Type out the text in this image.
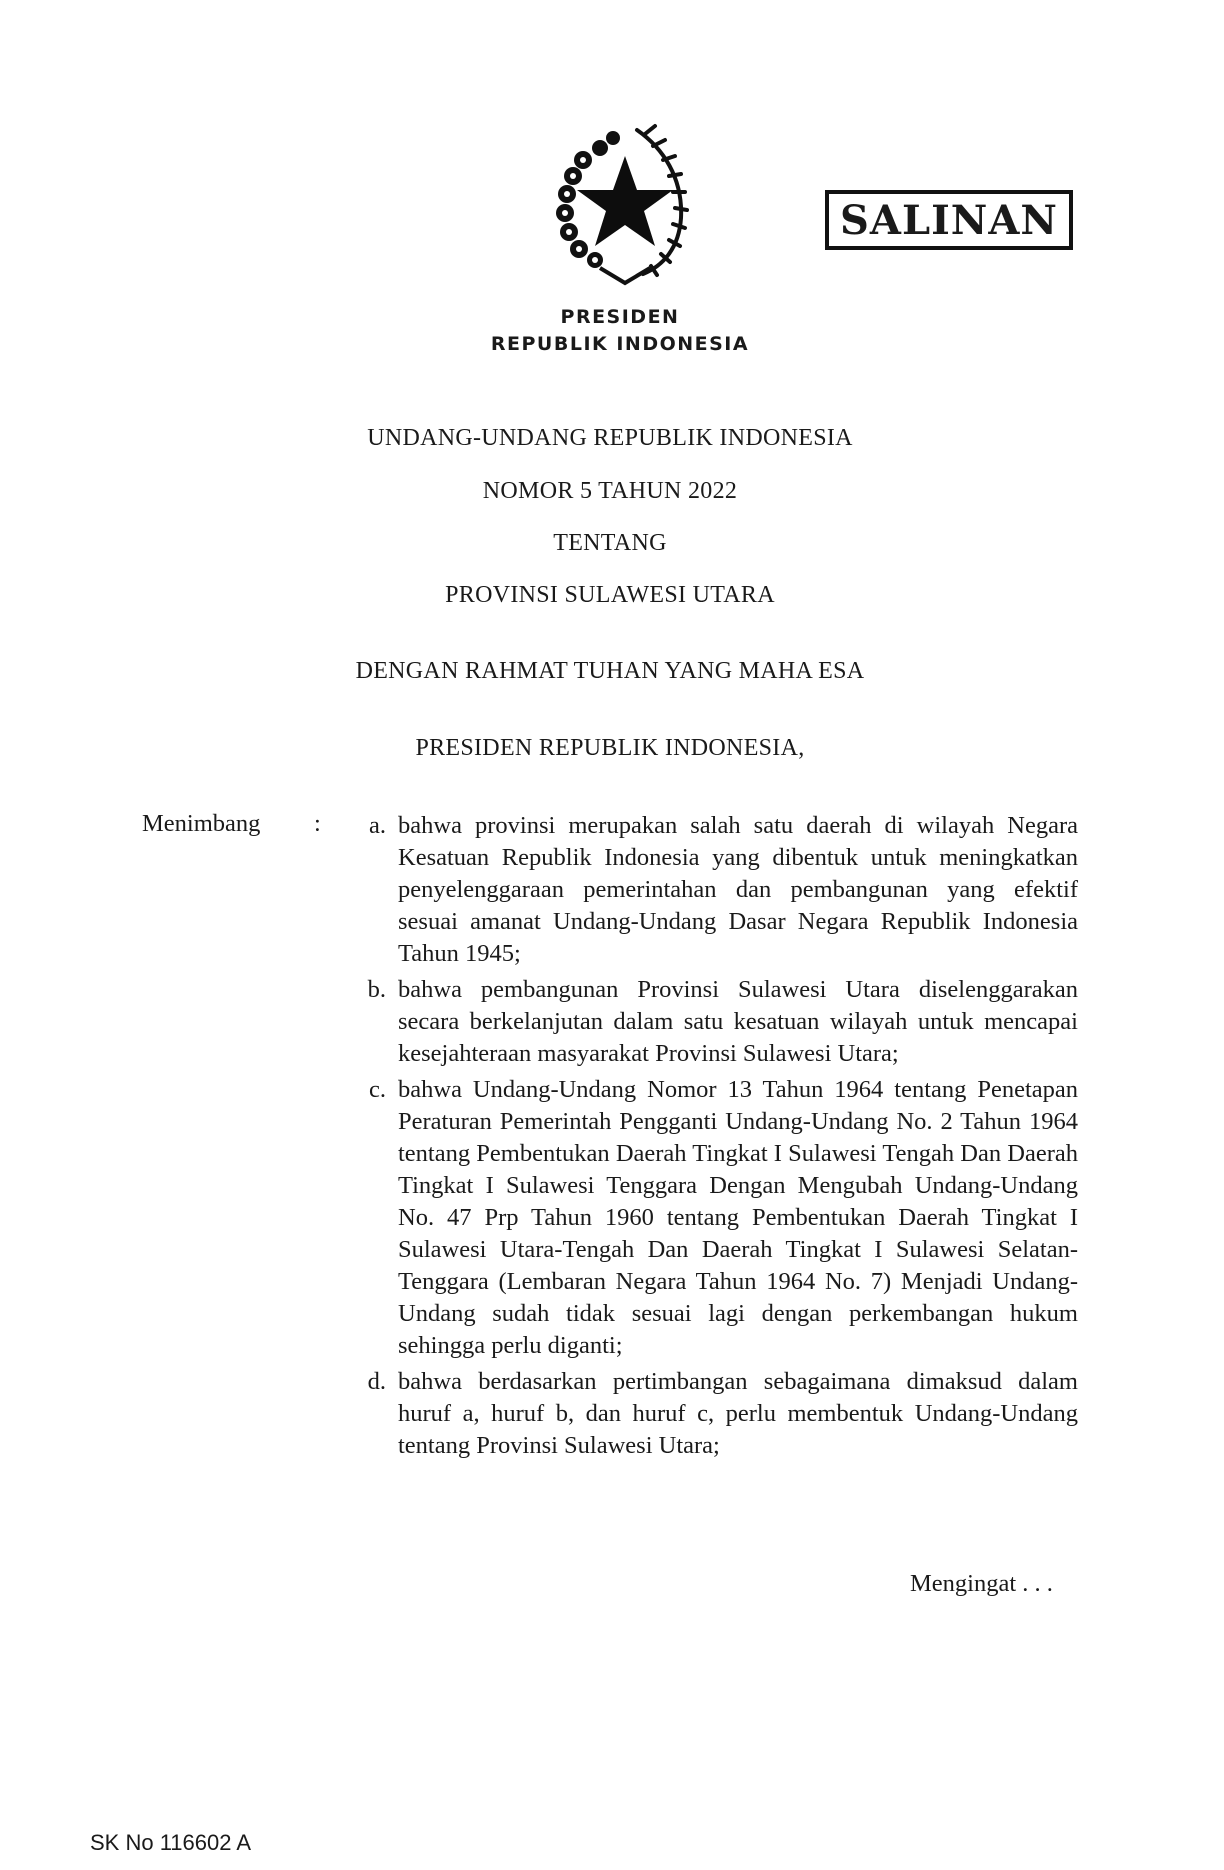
SALINAN
PRESIDEN
REPUBLIK INDONESIA
UNDANG-UNDANG REPUBLIK INDONESIA
NOMOR 5 TAHUN 2022
TENTANG
PROVINSI SULAWESI UTARA
DENGAN RAHMAT TUHAN YANG MAHA ESA
PRESIDEN REPUBLIK INDONESIA,
Menimbang : a. bahwa provinsi merupakan salah satu daerah di wilayah Negara Kesatuan Republik Indonesia yang dibentuk untuk meningkatkan penyelenggaraan pemerintahan dan pembangunan yang efektif sesuai amanat Undang-Undang Dasar Negara Republik Indonesia Tahun 1945;
b. bahwa pembangunan Provinsi Sulawesi Utara diselenggarakan secara berkelanjutan dalam satu kesatuan wilayah untuk mencapai kesejahteraan masyarakat Provinsi Sulawesi Utara;
c. bahwa Undang-Undang Nomor 13 Tahun 1964 tentang Penetapan Peraturan Pemerintah Pengganti Undang-Undang No. 2 Tahun 1964 tentang Pembentukan Daerah Tingkat I Sulawesi Tengah Dan Daerah Tingkat I Sulawesi Tenggara Dengan Mengubah Undang-Undang No. 47 Prp Tahun 1960 tentang Pembentukan Daerah Tingkat I Sulawesi Utara-Tengah Dan Daerah Tingkat I Sulawesi Selatan-Tenggara (Lembaran Negara Tahun 1964 No. 7) Menjadi Undang-Undang sudah tidak sesuai lagi dengan perkembangan hukum sehingga perlu diganti;
d. bahwa berdasarkan pertimbangan sebagaimana dimaksud dalam huruf a, huruf b, dan huruf c, perlu membentuk Undang-Undang tentang Provinsi Sulawesi Utara;
Mengingat . . .
SK No 116602 A
